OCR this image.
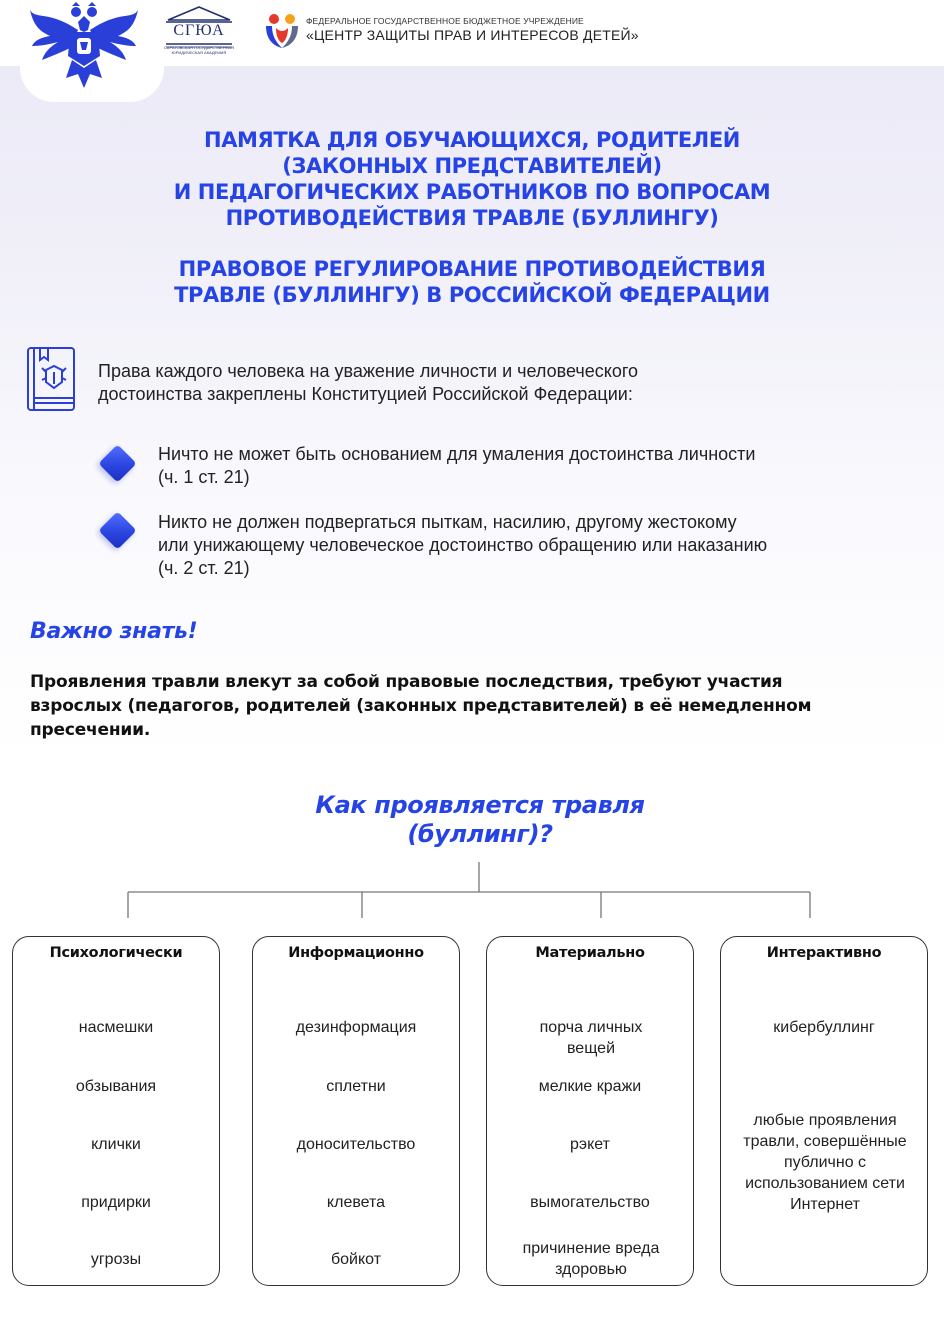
СГЮА
САРАТОВСКАЯ ГОСУДАРСТВЕННАЯ ЮРИДИЧЕСКАЯ АКАДЕМИЯ
ФЕДЕРАЛЬНОЕ ГОСУДАРСТВЕННОЕ БЮДЖЕТНОЕ УЧРЕЖДЕНИЕ
«ЦЕНТР ЗАЩИТЫ ПРАВ И ИНТЕРЕСОВ ДЕТЕЙ»
ПАМЯТКА ДЛЯ ОБУЧАЮЩИХСЯ, РОДИТЕЛЕЙ
(ЗАКОННЫХ ПРЕДСТАВИТЕЛЕЙ)
И ПЕДАГОГИЧЕСКИХ РАБОТНИКОВ ПО ВОПРОСАМ
ПРОТИВОДЕЙСТВИЯ ТРАВЛЕ (БУЛЛИНГУ)
ПРАВОВОЕ РЕГУЛИРОВАНИЕ ПРОТИВОДЕЙСТВИЯ
ТРАВЛЕ (БУЛЛИНГУ) В РОССИЙСКОЙ ФЕДЕРАЦИИ
Права каждого человека на уважение личности и человеческого
достоинства закреплены Конституцией Российской Федерации:
Ничто не может быть основанием для умаления достоинства личности
(ч. 1 ст. 21)
Никто не должен подвергаться пыткам, насилию, другому жестокому
или унижающему человеческое достоинство обращению или наказанию
(ч. 2 ст. 21)
Важно знать!
Проявления травли влекут за собой правовые последствия, требуют участия
взрослых (педагогов, родителей (законных представителей) в её немедленном
пресечении.
Как проявляется травля
(буллинг)?
Психологически
насмешки
обзывания
клички
придирки
угрозы
Информационно
дезинформация
сплетни
доносительство
клевета
бойкот
Материально
порча личных вещей
мелкие кражи
рэкет
вымогательство
причинение вреда здоровью
Интерактивно
кибербуллинг
любые проявления травли, совершённые публично с использованием сети Интернет
